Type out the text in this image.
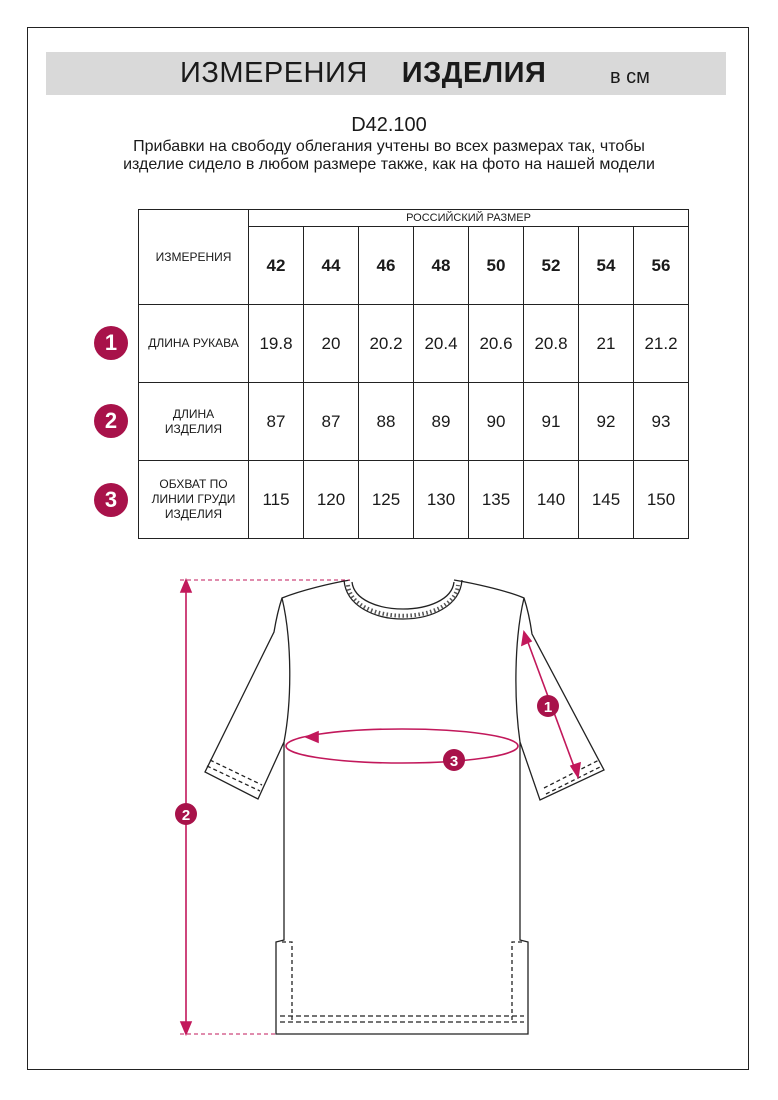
ИЗМЕРЕНИЯ ИЗДЕЛИЯ	в см
D42.100
Прибавки на свободу облегания учтены во всех размерах так, чтобы изделие сидело в любом размере также, как на фото на нашей модели
ИЗМЕРЕНИЯ	РОССИЙСКИЙ РАЗМЕР							
	42	44	46	48	50	52	54	56
ДЛИНА РУКАВА	19.8	20	20.2	20.4	20.6	20.8	21	21.2
ДЛИНА ИЗДЕЛИЯ	87	87	88	89	90	91	92	93
ОБХВАТ ПО ЛИНИИ ГРУДИ ИЗДЕЛИЯ	115	120	125	130	135	140	145	150
1
2
3
1
2
3
